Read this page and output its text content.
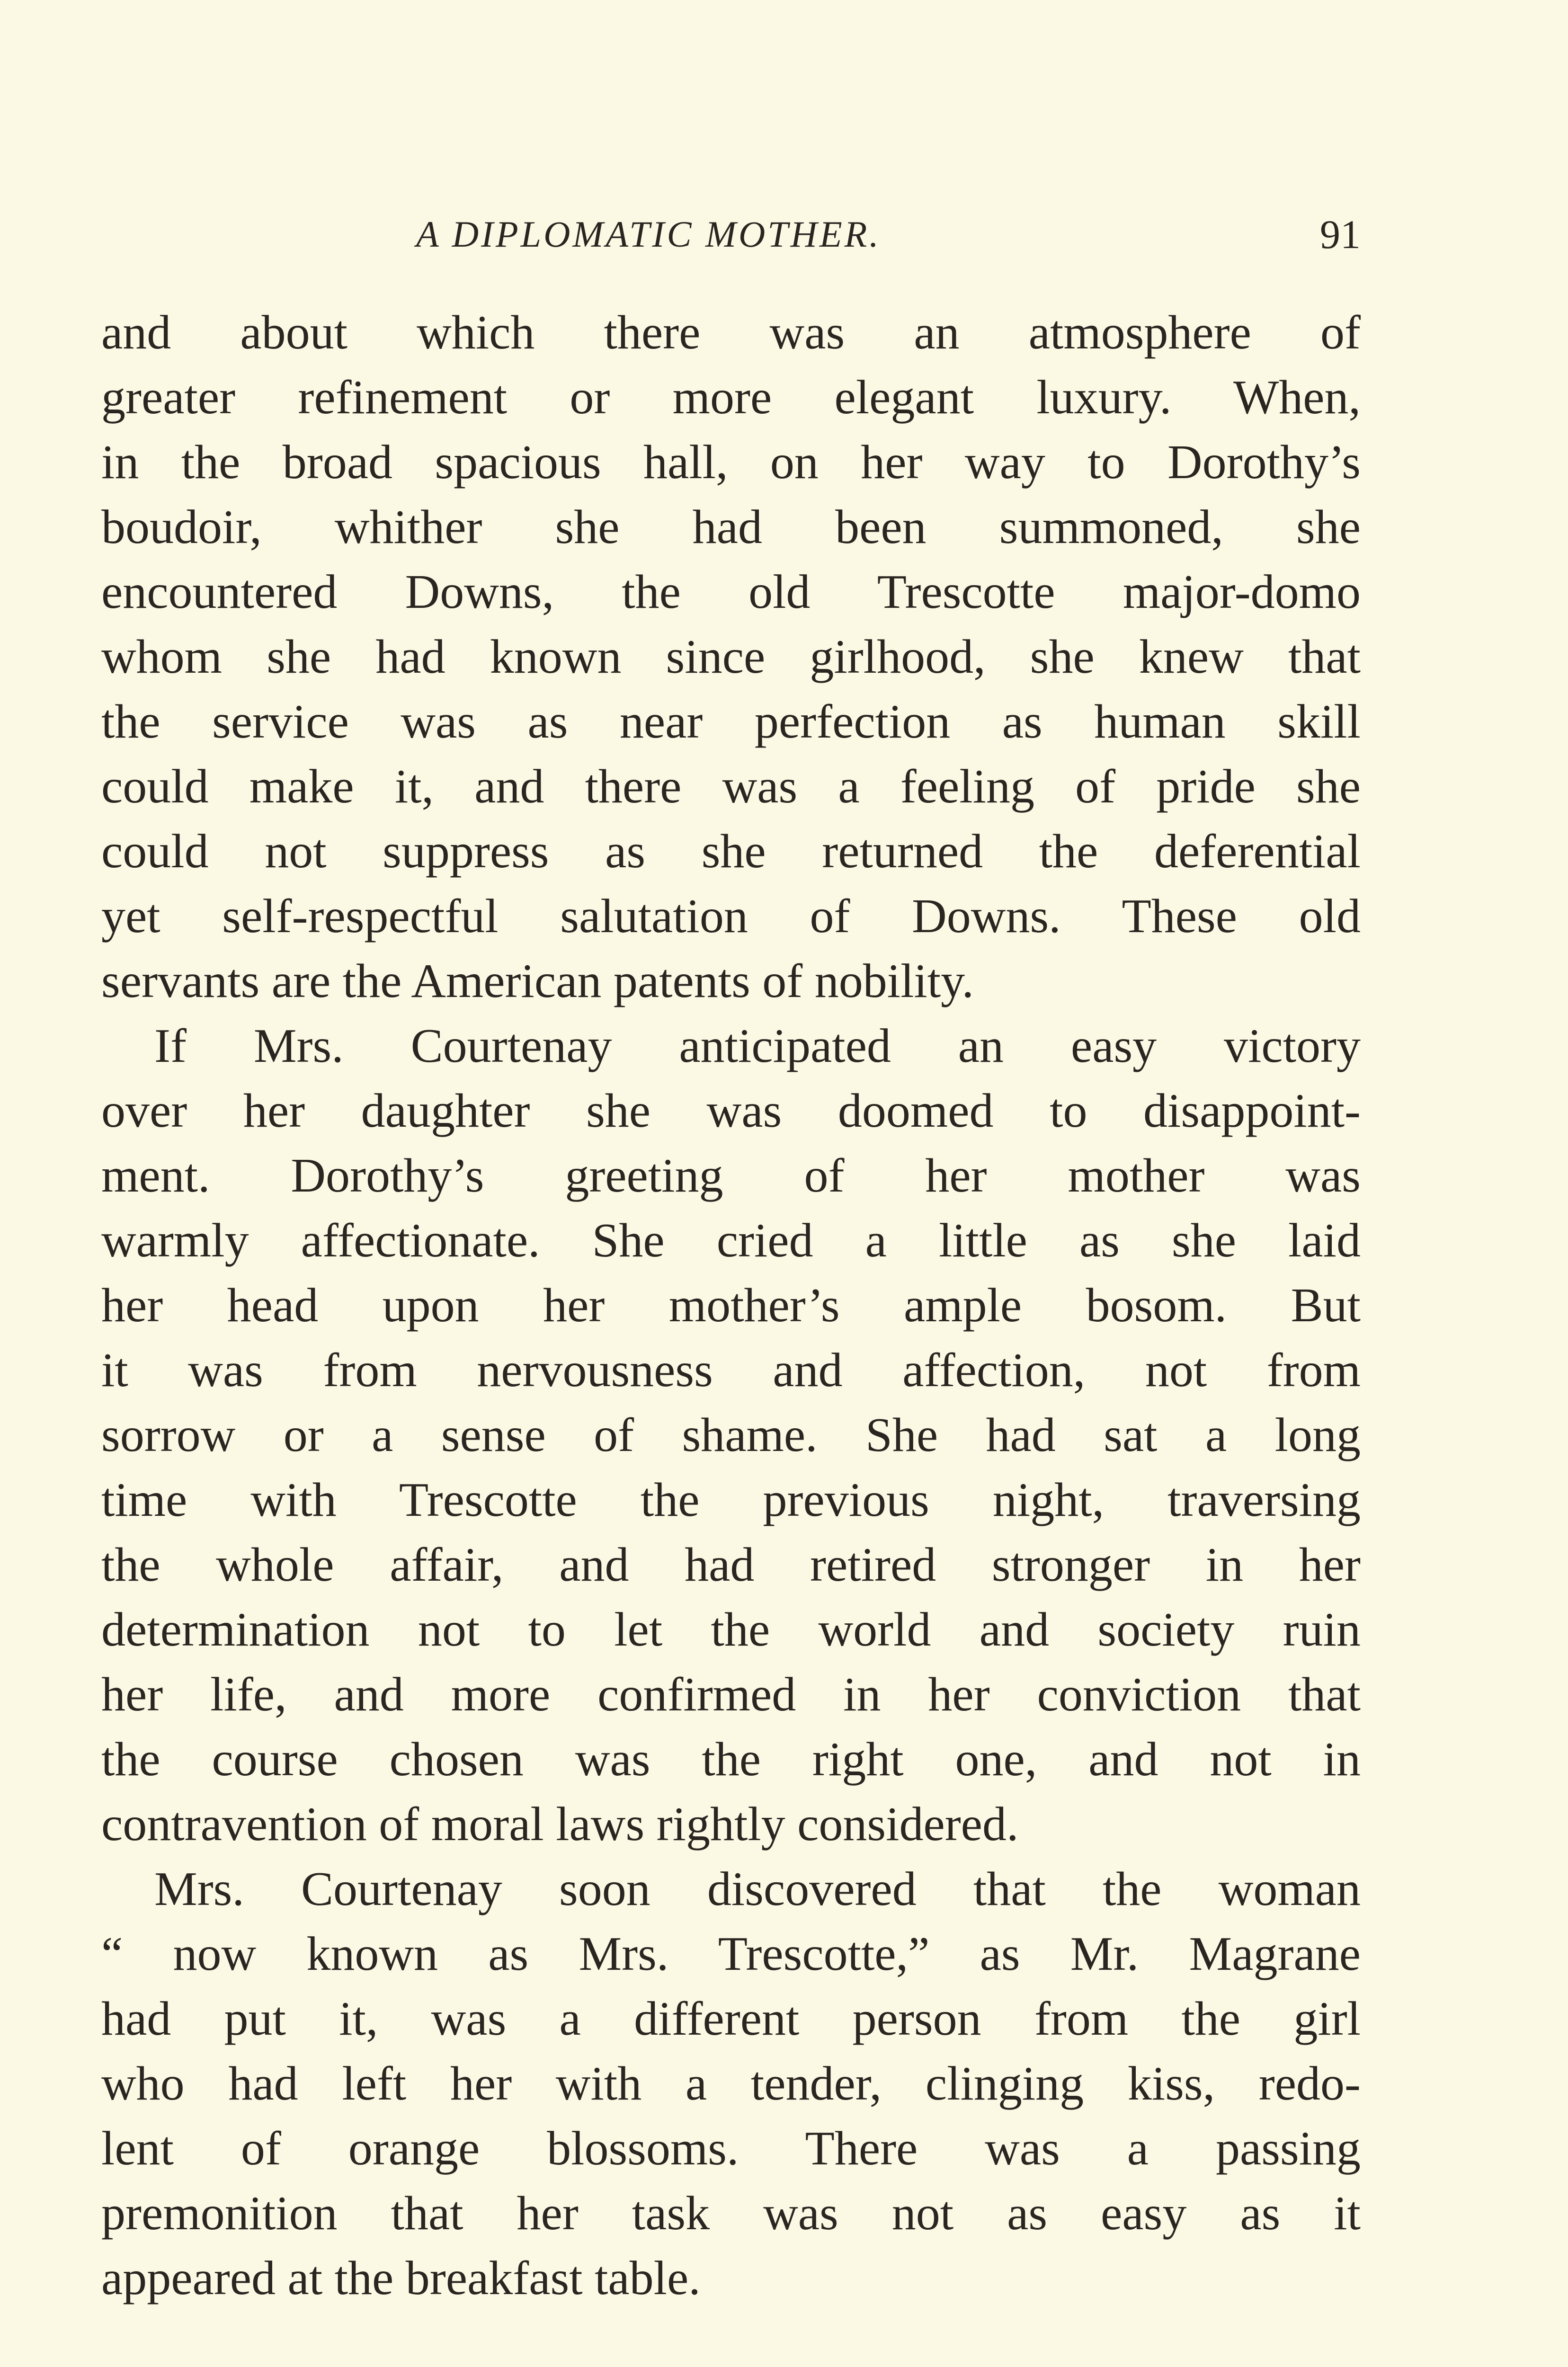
A DIPLOMATIC MOTHER.	91
and about which there was an atmosphere of
greater refinement or more elegant luxury. When,
in the broad spacious hall, on her way to Dorothy’s
boudoir, whither she had been summoned, she
encountered Downs, the old Trescotte major-domo
whom she had known since girlhood, she knew that
the service was as near perfection as human skill
could make it, and there was a feeling of pride she
could not suppress as she returned the deferential
yet self-respectful salutation of Downs. These old
servants are the American patents of nobility.
If Mrs. Courtenay anticipated an easy victory
over her daughter she was doomed to disappoint-
ment. Dorothy’s greeting of her mother was
warmly affectionate. She cried a little as she laid
her head upon her mother’s ample bosom. But
it was from nervousness and affection, not from
sorrow or a sense of shame. She had sat a long
time with Trescotte the previous night, traversing
the whole affair, and had retired stronger in her
determination not to let the world and society ruin
her life, and more confirmed in her conviction that
the course chosen was the right one, and not in
contravention of moral laws rightly considered.
Mrs. Courtenay soon discovered that the woman
“ now known as Mrs. Trescotte,” as Mr. Magrane
had put it, was a different person from the girl
who had left her with a tender, clinging kiss, redo-
lent of orange blossoms. There was a passing
premonition that her task was not as easy as it
appeared at the breakfast table.
